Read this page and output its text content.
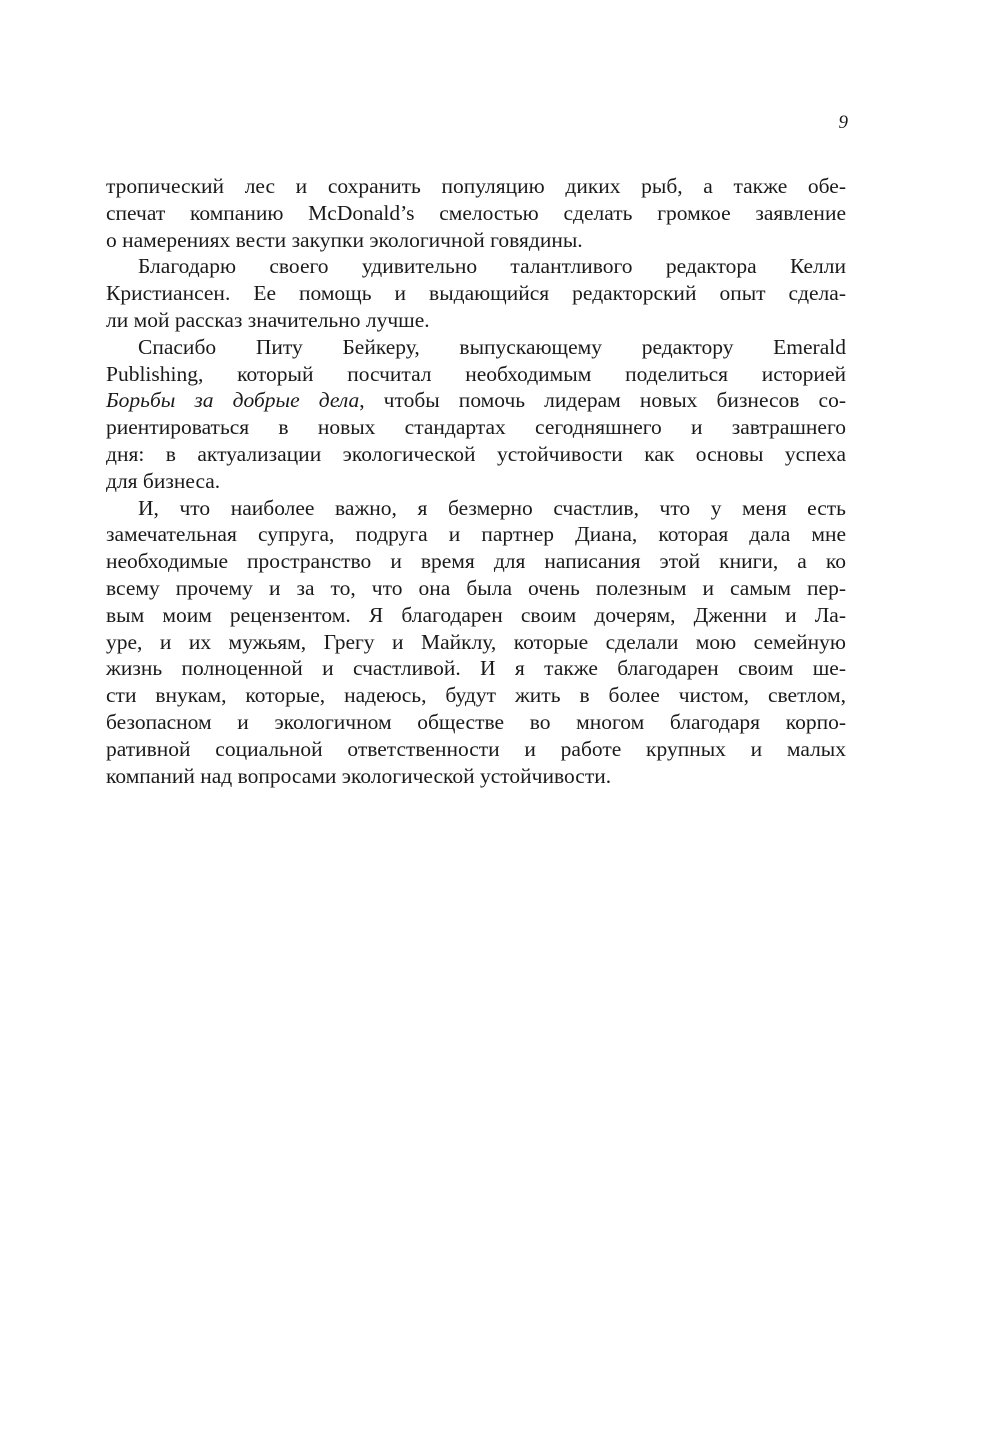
9
тропический лес и сохранить популяцию диких рыб, а также обе-
спечат компанию McDonald’s смелостью сделать громкое заявление
о намерениях вести закупки экологичной говядины.
Благодарю своего удивительно талантливого редактора Келли
Кристиансен. Ее помощь и выдающийся редакторский опыт сдела-
ли мой рассказ значительно лучше.
Спасибо Питу Бейкеру, выпускающему редактору Emerald
Publishing, который посчитал необходимым поделиться историей
Борьбы за добрые дела, чтобы помочь лидерам новых бизнесов со-
риентироваться в новых стандартах сегодняшнего и завтрашнего
дня: в актуализации экологической устойчивости как основы успеха
для бизнеса.
И, что наиболее важно, я безмерно счастлив, что у меня есть
замечательная супруга, подруга и партнер Диана, которая дала мне
необходимые пространство и время для написания этой книги, а ко
всему прочему и за то, что она была очень полезным и самым пер-
вым моим рецензентом. Я благодарен своим дочерям, Дженни и Ла-
уре, и их мужьям, Грегу и Майклу, которые сделали мою семейную
жизнь полноценной и счастливой. И я также благодарен своим ше-
сти внукам, которые, надеюсь, будут жить в более чистом, светлом,
безопасном и экологичном обществе во многом благодаря корпо-
ративной социальной ответственности и работе крупных и малых
компаний над вопросами экологической устойчивости.
